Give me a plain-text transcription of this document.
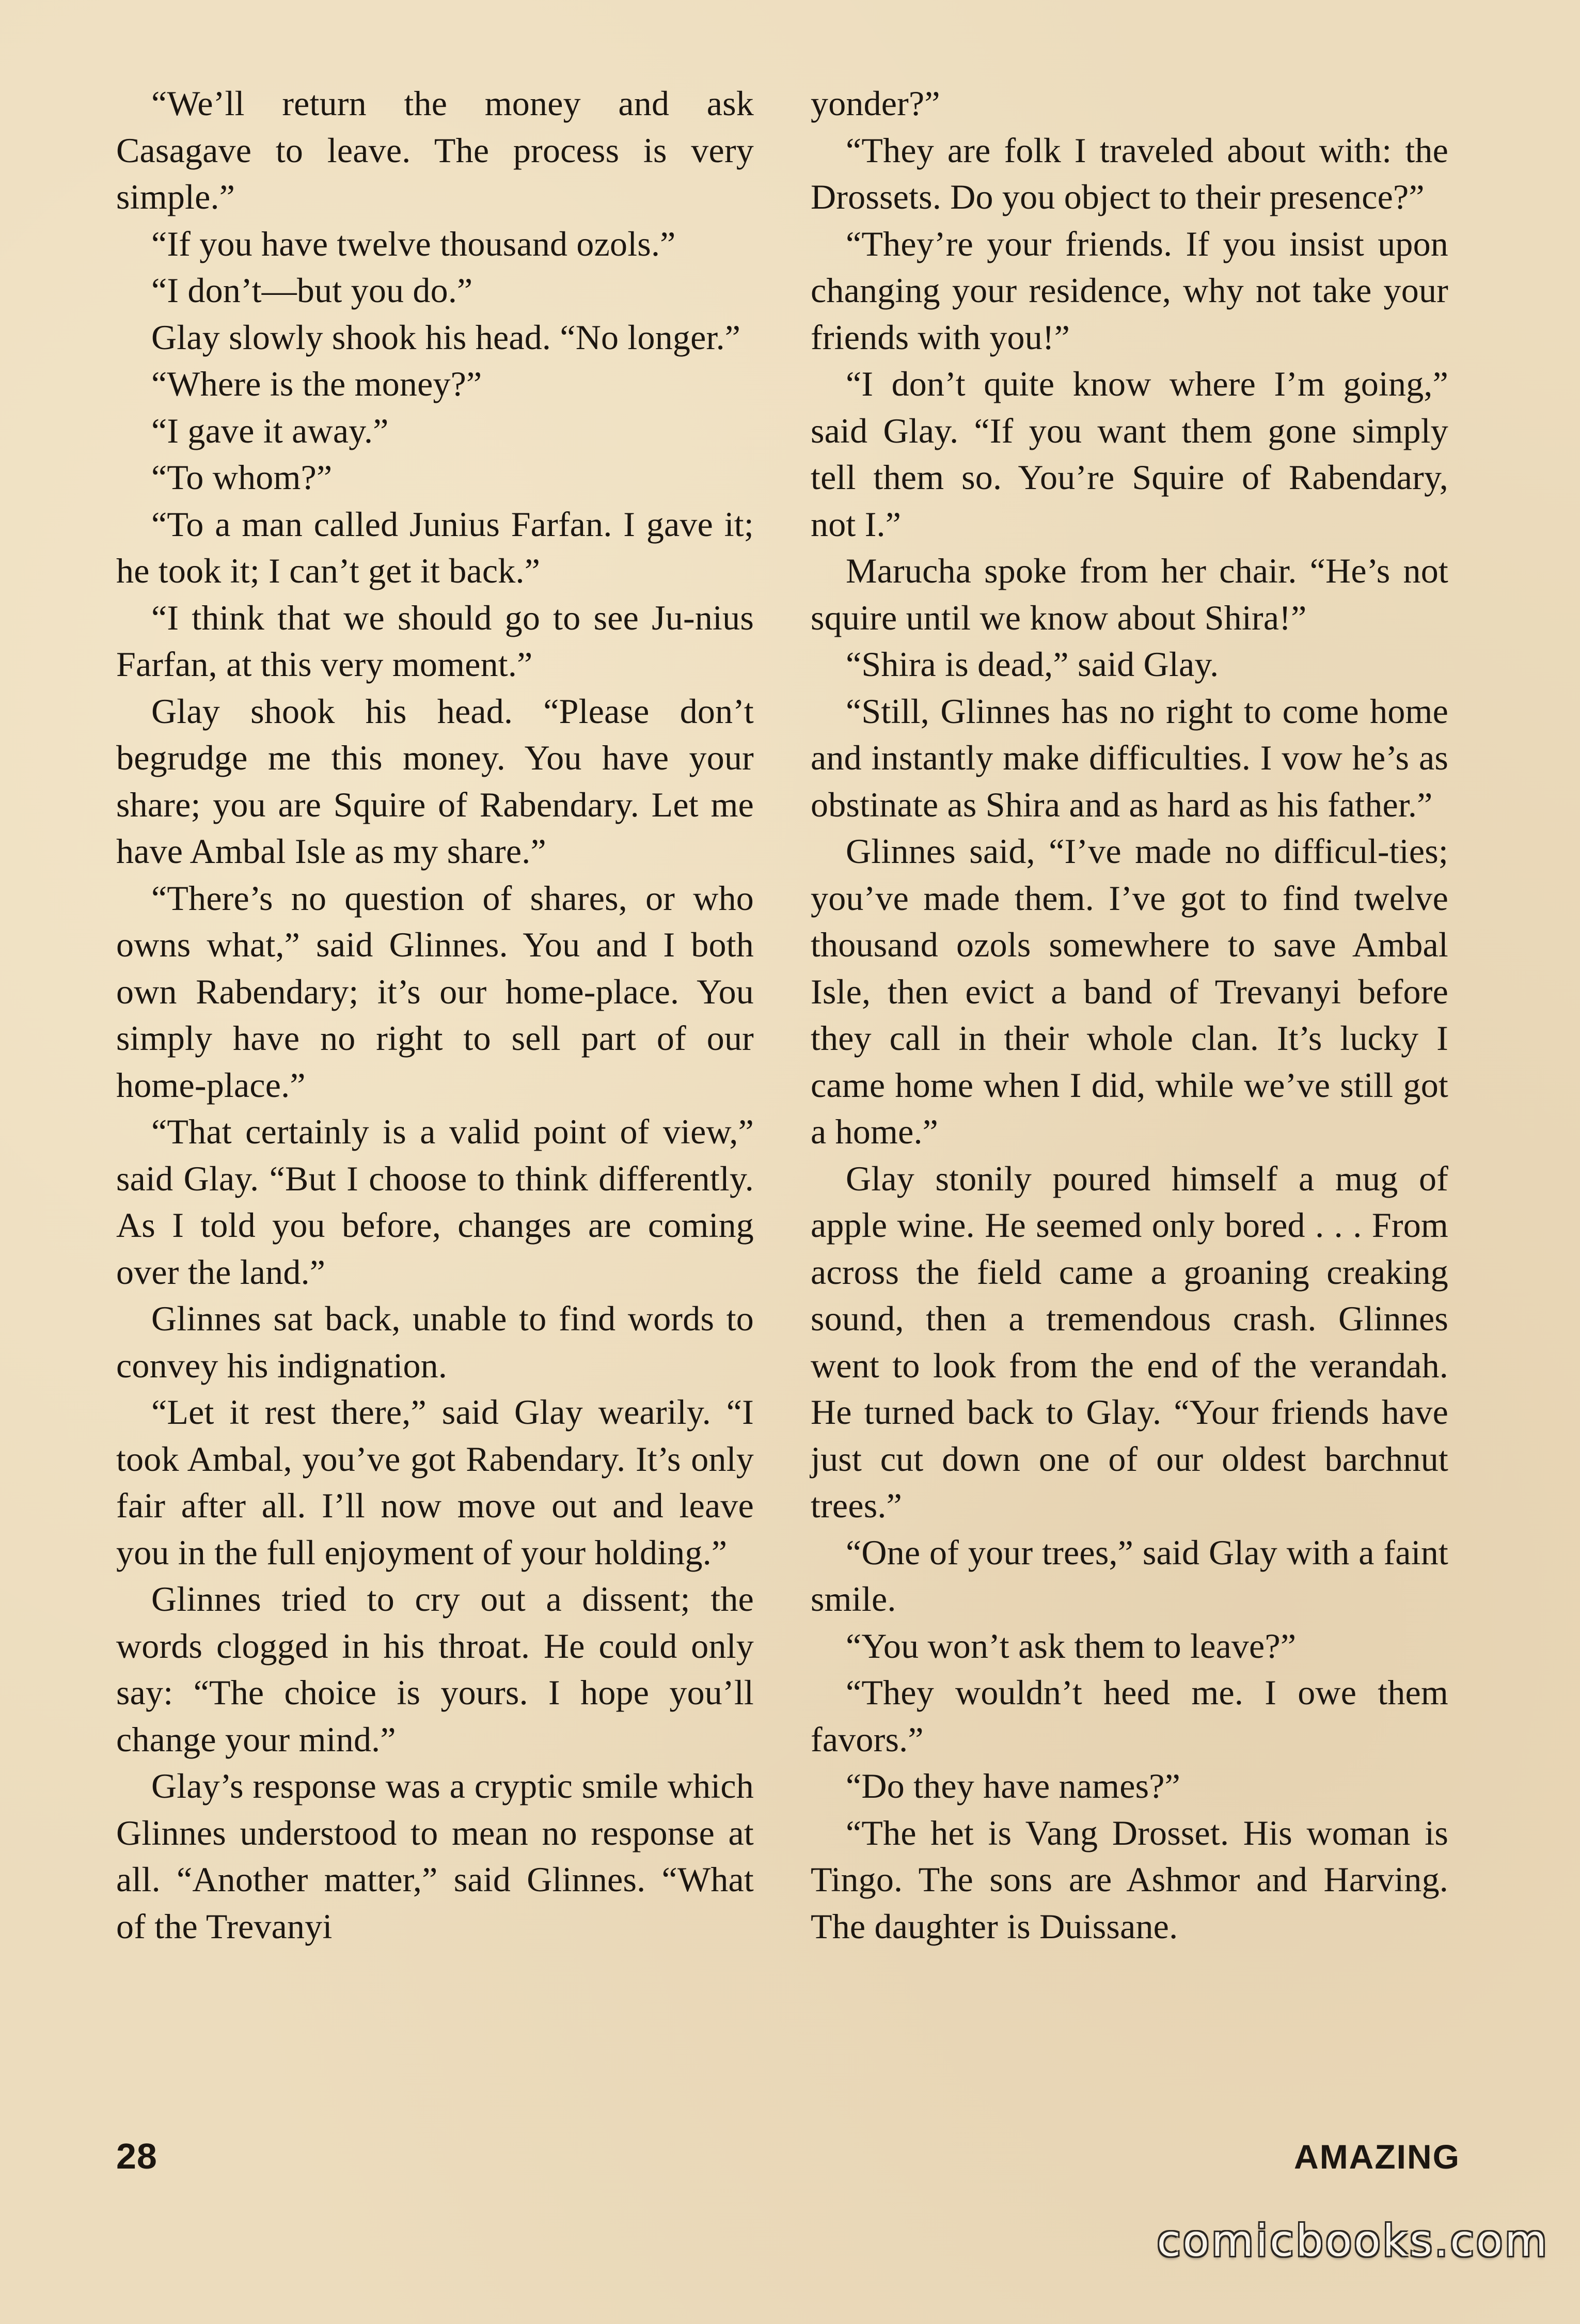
“We’ll return the money and ask Casagave to leave. The process is very simple.”

“If you have twelve thousand ozols.”

“I don’t—but you do.”

Glay slowly shook his head. “No longer.”

“Where is the money?”

“I gave it away.”

“To whom?”

“To a man called Junius Farfan. I gave it; he took it; I can’t get it back.”

“I think that we should go to see Ju-nius Farfan, at this very moment.”

Glay shook his head. “Please don’t begrudge me this money. You have your share; you are Squire of Rabendary. Let me have Ambal Isle as my share.”

“There’s no question of shares, or who owns what,” said Glinnes. You and I both own Rabendary; it’s our home-place. You simply have no right to sell part of our home-place.”

“That certainly is a valid point of view,” said Glay. “But I choose to think differently. As I told you before, changes are coming over the land.”

Glinnes sat back, unable to find words to convey his indignation.

“Let it rest there,” said Glay wearily. “I took Ambal, you’ve got Rabendary. It’s only fair after all. I’ll now move out and leave you in the full enjoyment of your holding.”

Glinnes tried to cry out a dissent; the words clogged in his throat. He could only say: “The choice is yours. I hope you’ll change your mind.”

Glay’s response was a cryptic smile which Glinnes understood to mean no response at all. “Another matter,” said Glinnes. “What of the Trevanyi

yonder?”

“They are folk I traveled about with: the Drossets. Do you object to their presence?”

“They’re your friends. If you insist upon changing your residence, why not take your friends with you!”

“I don’t quite know where I’m going,” said Glay. “If you want them gone simply tell them so. You’re Squire of Rabendary, not I.”

Marucha spoke from her chair. “He’s not squire until we know about Shira!”

“Shira is dead,” said Glay.

“Still, Glinnes has no right to come home and instantly make difficulties. I vow he’s as obstinate as Shira and as hard as his father.”

Glinnes said, “I’ve made no difficul-ties; you’ve made them. I’ve got to find twelve thousand ozols somewhere to save Ambal Isle, then evict a band of Trevanyi before they call in their whole clan. It’s lucky I came home when I did, while we’ve still got a home.”

Glay stonily poured himself a mug of apple wine. He seemed only bored . . . From across the field came a groaning creaking sound, then a tremendous crash. Glinnes went to look from the end of the verandah. He turned back to Glay. “Your friends have just cut down one of our oldest barchnut trees.”

“One of your trees,” said Glay with a faint smile.

“You won’t ask them to leave?”

“They wouldn’t heed me. I owe them favors.”

“Do they have names?”

“The het is Vang Drosset. His woman is Tingo. The sons are Ashmor and Harving. The daughter is Duissane.

28	AMAZING
comicbooks.com
